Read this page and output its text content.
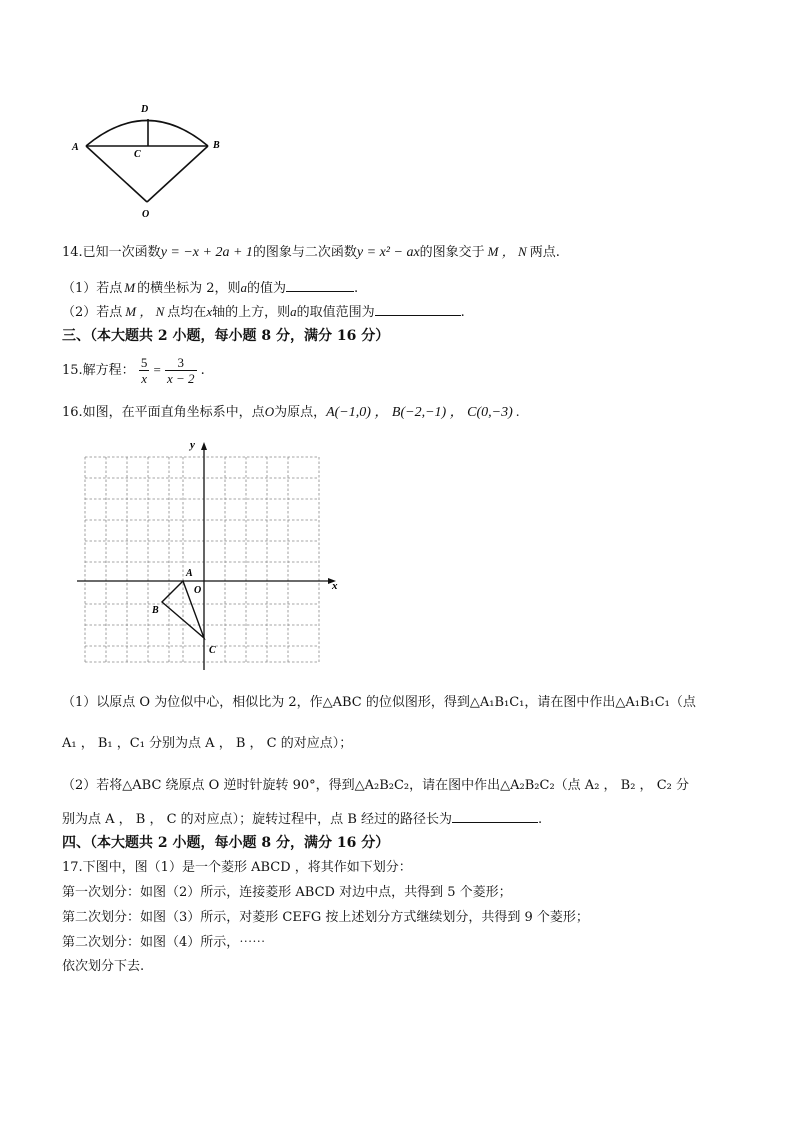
D
A
C
B
O
14.已知一次函数y = −x + 2a + 1的图象与二次函数y = x² − ax的图象交于 M ， N 两点.
（1）若点 M 的横坐标为 2，则a的值为	.
（2）若点 M ， N 点均在x轴的上方，则a的取值范围为	.
三、（本大题共 2 小题，每小题 8 分，满分 16 分）
15.解方程： $\frac{5}{x} = \frac{3}{x - 2}$ .
16.如图，在平面直角坐标系中，点O为原点，A(−1,0) ， B(−2,−1) ， C(0,−3) .
x
y
O
A
B
C
（1）以原点 O 为位似中心，相似比为 2，作△ABC 的位似图形，得到△A₁B₁C₁，请在图中作出△A₁B₁C₁（点
A₁ ， B₁ ，C₁ 分别为点 A ， B ， C 的对应点）；
（2）若将△ABC 绕原点 O 逆时针旋转 90°，得到△A₂B₂C₂，请在图中作出△A₂B₂C₂（点 A₂ ， B₂ ， C₂ 分
别为点 A ， B ， C 的对应点）；旋转过程中，点 B 经过的路径长为	.
四、（本大题共 2 小题，每小题 8 分，满分 16 分）
17.下图中，图（1）是一个菱形 ABCD ，将其作如下划分：
第一次划分：如图（2）所示，连接菱形 ABCD 对边中点，共得到 5 个菱形；
第二次划分：如图（3）所示，对菱形 CEFG 按上述划分方式继续划分，共得到 9 个菱形；
第二次划分：如图（4）所示，⋯⋯
依次划分下去.
